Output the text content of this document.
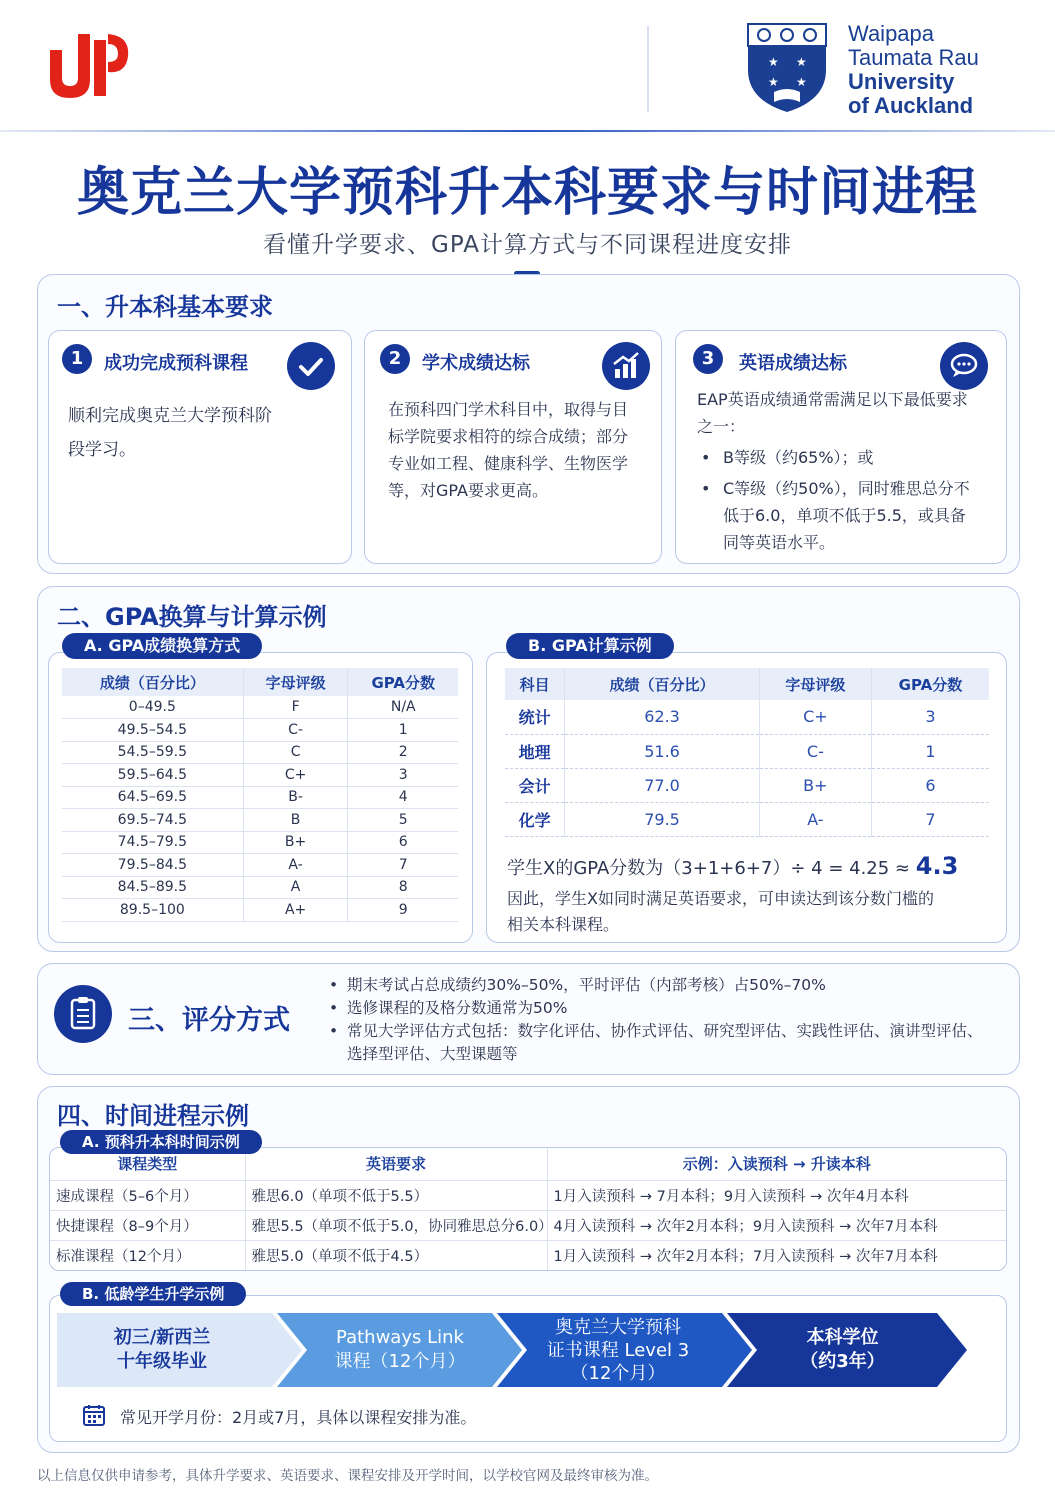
★ ★
★ ★
Waipapa
Taumata Rau
University
of Auckland
奥克兰大学预科升本科要求与时间进程
看懂升学要求、GPA计算方式与不同课程进度安排
一、升本科基本要求
1	成功完成预科课程
顺利完成奥克兰大学预科阶段学习。
2	学术成绩达标
在预科四门学术科目中，取得与目标学院要求相符的综合成绩；部分专业如工程、健康科学、生物医学等，对GPA要求更高。
3	英语成绩达标
EAP英语成绩通常需满足以下最低要求之一：
• B等级（约65%）；或
• C等级（约50%），同时雅思总分不低于6.0，单项不低于5.5，或具备同等英语水平。
二、GPA换算与计算示例
A. GPA成绩换算方式
成绩（百分比）	字母评级	GPA分数
0–49.5	F	N/A
49.5–54.5	C-	1
54.5–59.5	C	2
59.5–64.5	C+	3
64.5–69.5	B-	4
69.5–74.5	B	5
74.5–79.5	B+	6
79.5–84.5	A-	7
84.5–89.5	A	8
89.5–100	A+	9
B. GPA计算示例
科目	成绩（百分比）	字母评级	GPA分数
统计	62.3	C+	3
地理	51.6	C-	1
会计	77.0	B+	6
化学	79.5	A-	7
学生X的GPA分数为（3+1+6+7）÷ 4 = 4.25 ≈ 4.3
因此，学生X如同时满足英语要求，可申读达到该分数门槛的相关本科课程。
三、评分方式
• 期末考试占总成绩约30%–50%，平时评估（内部考核）占50%–70%
• 选修课程的及格分数通常为50%
• 常见大学评估方式包括：数字化评估、协作式评估、研究型评估、实践性评估、演讲型评估、选择型评估、大型课题等
四、时间进程示例
课程类型	英语要求	示例：入读预科 → 升读本科
速成课程（5–6个月）	雅思6.0（单项不低于5.5）	1月入读预科 → 7月本科；9月入读预科 → 次年4月本科
快捷课程（8–9个月）	雅思5.5（单项不低于5.0，协同雅思总分6.0）	4月入读预科 → 次年2月本科；9月入读预科 → 次年7月本科
标准课程（12个月）	雅思5.0（单项不低于4.5）	1月入读预科 → 次年2月本科；7月入读预科 → 次年7月本科
A. 预科升本科时间示例
B. 低龄学生升学示例
初三/新西兰
十年级毕业
Pathways Link
课程（12个月）
奥克兰大学预科
证书课程 Level 3
（12个月）
本科学位
（约3年）
常见开学月份：2月或7月，具体以课程安排为准。
以上信息仅供申请参考，具体升学要求、英语要求、课程安排及开学时间，以学校官网及最终审核为准。
